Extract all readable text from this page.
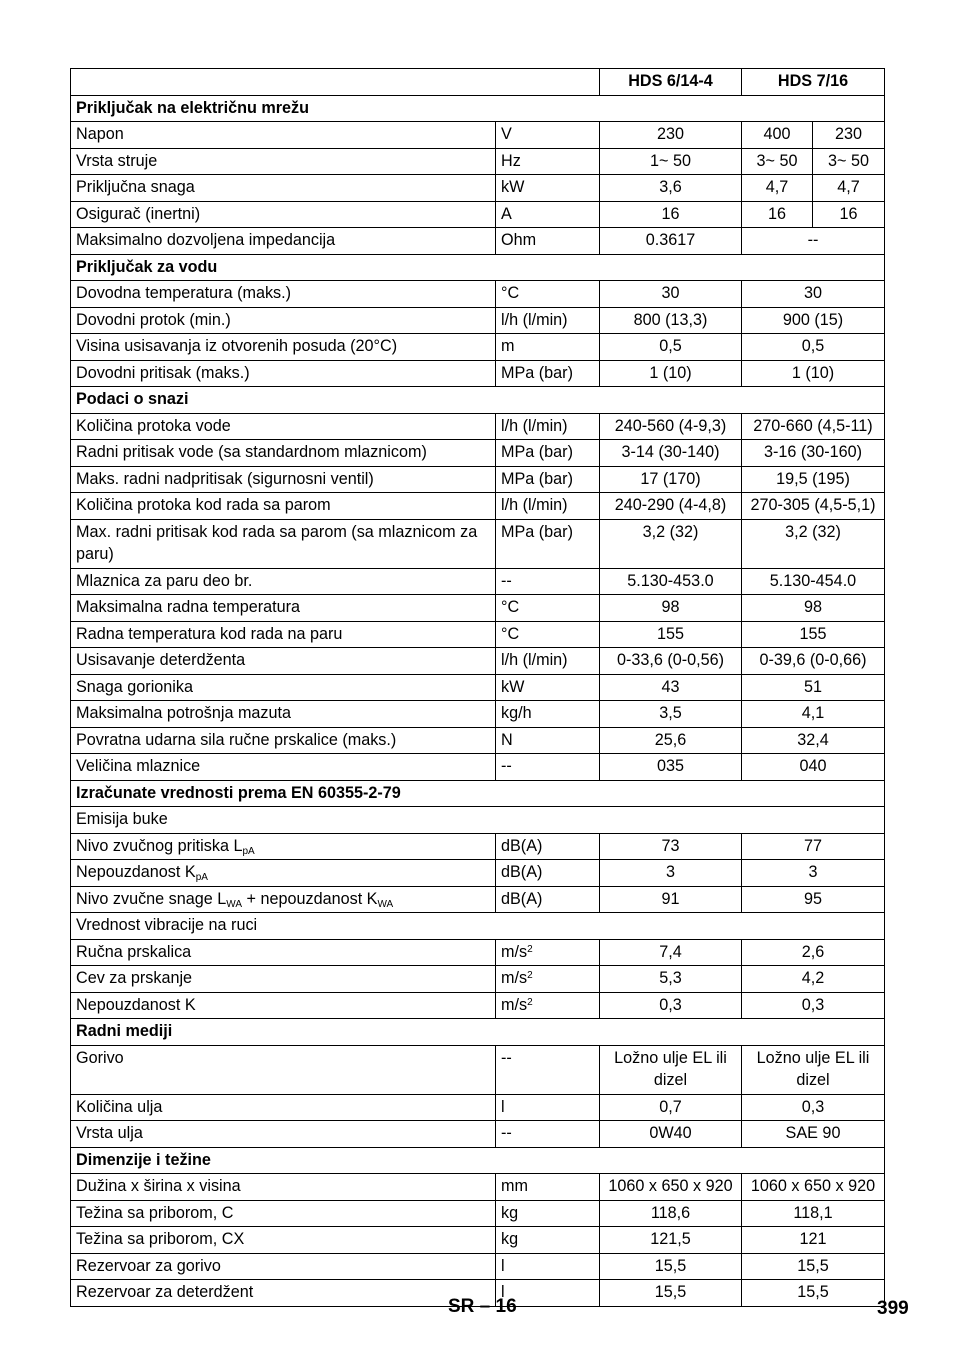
		HDS 6/14-4	HDS 7/16	
Priključak na električnu mrežu				
Napon	V	230	400	230
Vrsta struje	Hz	1~ 50	3~ 50	3~ 50
Priključna snaga	kW	3,6	4,7	4,7
Osigurač (inertni)	A	16	16	16
Maksimalno dozvoljena impedancija	Ohm	0.3617	--	
Priključak za vodu				
Dovodna temperatura (maks.)	°C	30	30	
Dovodni protok (min.)	l/h (l/min)	800 (13,3)	900 (15)	
Visina usisavanja iz otvorenih posuda (20°C)	m	0,5	0,5	
Dovodni pritisak (maks.)	MPa (bar)	1 (10)	1 (10)	
Podaci o snazi				
Količina protoka vode	l/h (l/min)	240-560 (4-9,3)	270-660 (4,5-11)	
Radni pritisak vode (sa standardnom mlaznicom)	MPa (bar)	3-14 (30-140)	3-16 (30-160)	
Maks. radni nadpritisak (sigurnosni ventil)	MPa (bar)	17 (170)	19,5 (195)	
Količina protoka kod rada sa parom	l/h (l/min)	240-290 (4-4,8)	270-305 (4,5-5,1)	
Max. radni pritisak kod rada sa parom (sa mlaznicom za paru)	MPa (bar)	3,2 (32)	3,2 (32)	
Mlaznica za paru deo br.	--	5.130-453.0	5.130-454.0	
Maksimalna radna temperatura	°C	98	98	
Radna temperatura kod rada na paru	°C	155	155	
Usisavanje deterdženta	l/h (l/min)	0-33,6 (0-0,56)	0-39,6 (0-0,66)	
Snaga gorionika	kW	43	51	
Maksimalna potrošnja mazuta	kg/h	3,5	4,1	
Povratna udarna sila ručne prskalice (maks.)	N	25,6	32,4	
Veličina mlaznice	--	035	040	
Izračunate vrednosti prema EN 60355-2-79				
Emisija buke				
Nivo zvučnog pritiska $L_{pA}$	dB(A)	73	77	
Nepouzdanost $K_{pA}$	dB(A)	3	3	
Nivo zvučne snage $L_{WA}$ + nepouzdanost $K_{WA}$	dB(A)	91	95	
Vrednost vibracije na ruci				
Ručna prskalica	$m/s^2$	7,4	2,6	
Cev za prskanje	$m/s^2$	5,3	4,2	
Nepouzdanost K	$m/s^2$	0,3	0,3	
Radni mediji				
Gorivo	--	Ložno ulje EL ili dizel	Ložno ulje EL ili dizel	
Količina ulja	l	0,7	0,3	
Vrsta ulja	--	0W40	SAE 90	
Dimenzije i težine				
Dužina x širina x visina	mm	1060 x 650 x 920	1060 x 650 x 920	
Težina sa priborom, C	kg	118,6	118,1	
Težina sa priborom, CX	kg	121,5	121	
Rezervoar za gorivo	l	15,5	15,5	
Rezervoar za deterdžent	l	15,5	15,5	
SR – 16	399
